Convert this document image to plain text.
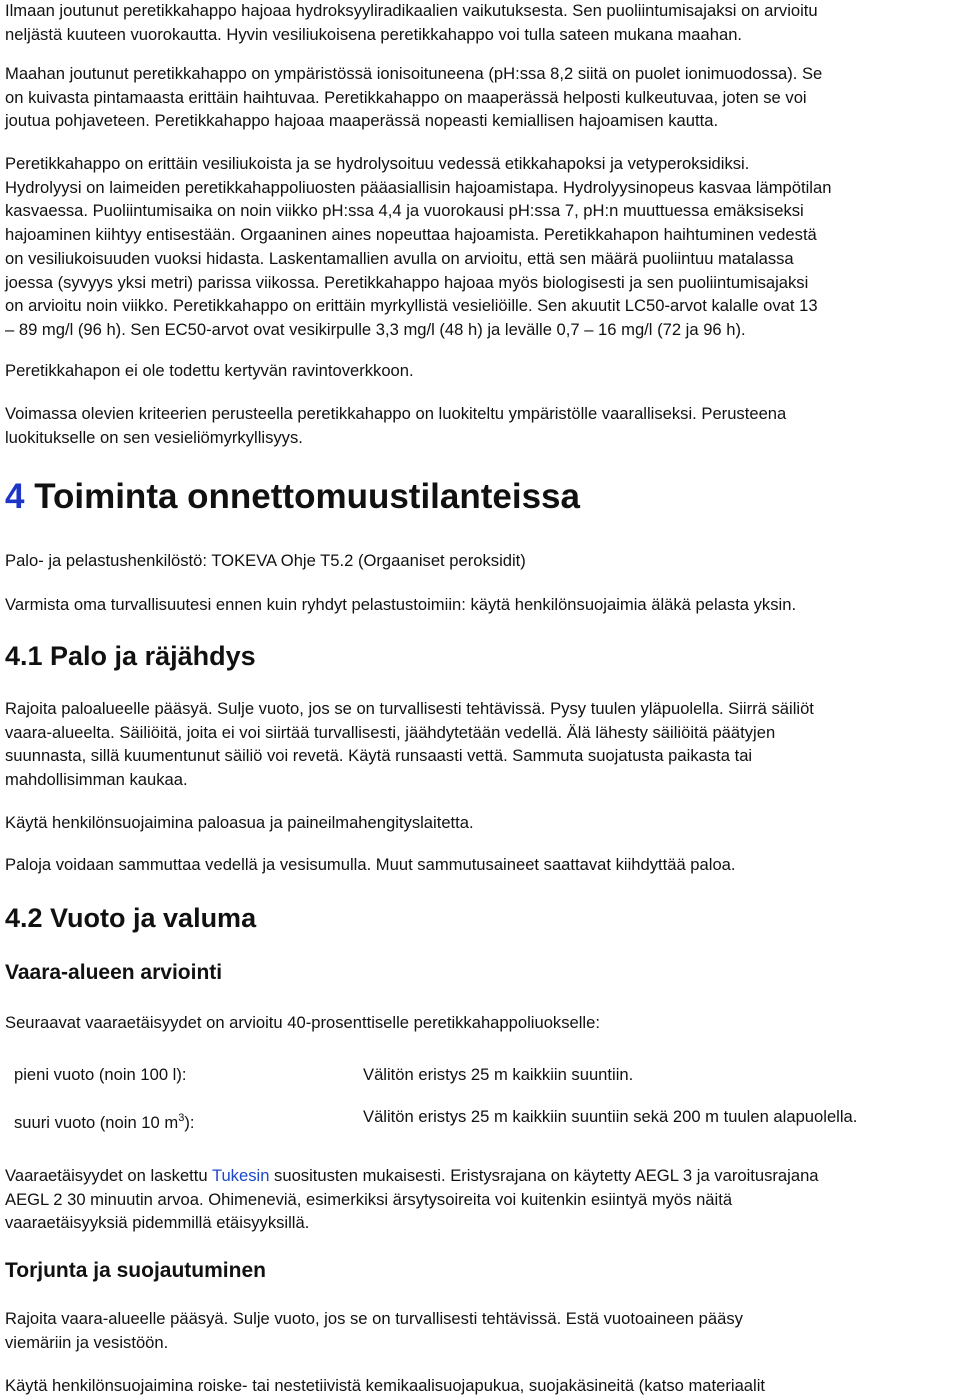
Ilmaan joutunut peretikkahappo hajoaa hydroksyyliradikaalien vaikutuksesta. Sen puoliintumisajaksi on arvioitu
neljästä kuuteen vuorokautta. Hyvin vesiliukoisena peretikkahappo voi tulla sateen mukana maahan.
Maahan joutunut peretikkahappo on ympäristössä ionisoituneena (pH:ssa 8,2 siitä on puolet ionimuodossa). Se
on kuivasta pintamaasta erittäin haihtuvaa. Peretikkahappo on maaperässä helposti kulkeutuvaa, joten se voi
joutua pohjaveteen. Peretikkahappo hajoaa maaperässä nopeasti kemiallisen hajoamisen kautta.
Peretikkahappo on erittäin vesiliukoista ja se hydrolysoituu vedessä etikkahapoksi ja vetyperoksidiksi.
Hydrolyysi on laimeiden peretikkahappoliuosten pääasiallisin hajoamistapa. Hydrolyysinopeus kasvaa lämpötilan
kasvaessa. Puoliintumisaika on noin viikko pH:ssa 4,4 ja vuorokausi pH:ssa 7, pH:n muuttuessa emäksiseksi
hajoaminen kiihtyy entisestään. Orgaaninen aines nopeuttaa hajoamista. Peretikkahapon haihtuminen vedestä
on vesiliukoisuuden vuoksi hidasta. Laskentamallien avulla on arvioitu, että sen määrä puoliintuu matalassa
joessa (syvyys yksi metri) parissa viikossa. Peretikkahappo hajoaa myös biologisesti ja sen puoliintumisajaksi
on arvioitu noin viikko. Peretikkahappo on erittäin myrkyllistä vesieliöille. Sen akuutit LC50-arvot kalalle ovat 13
– 89 mg/l (96 h). Sen EC50-arvot ovat vesikirpulle 3,3 mg/l (48 h) ja levälle 0,7 – 16 mg/l (72 ja 96 h).
Peretikkahapon ei ole todettu kertyvän ravintoverkkoon.
Voimassa olevien kriteerien perusteella peretikkahappo on luokiteltu ympäristölle vaaralliseksi. Perusteena
luokitukselle on sen vesieliömyrkyllisyys.
4 Toiminta onnettomuustilanteissa
Palo- ja pelastushenkilöstö: TOKEVA Ohje T5.2 (Orgaaniset peroksidit)
Varmista oma turvallisuutesi ennen kuin ryhdyt pelastustoimiin: käytä henkilönsuojaimia äläkä pelasta yksin.
4.1 Palo ja räjähdys
Rajoita paloalueelle pääsyä. Sulje vuoto, jos se on turvallisesti tehtävissä. Pysy tuulen yläpuolella. Siirrä säiliöt
vaara-alueelta. Säiliöitä, joita ei voi siirtää turvallisesti, jäähdytetään vedellä. Älä lähesty säiliöitä päätyjen
suunnasta, sillä kuumentunut säiliö voi revetä. Käytä runsaasti vettä. Sammuta suojatusta paikasta tai
mahdollisimman kaukaa.
Käytä henkilönsuojaimina paloasua ja paineilmahengityslaitetta.
Paloja voidaan sammuttaa vedellä ja vesisumulla. Muut sammutusaineet saattavat kiihdyttää paloa.
4.2 Vuoto ja valuma
Vaara-alueen arviointi
Seuraavat vaaraetäisyydet on arvioitu 40-prosenttiselle peretikkahappoliuokselle:
pieni vuoto (noin 100 l):	Välitön eristys 25 m kaikkiin suuntiin.
suuri vuoto (noin 10 $m^3$):	Välitön eristys 25 m kaikkiin suuntiin sekä 200 m tuulen alapuolella.
Vaaraetäisyydet on laskettu Tukesin suositusten mukaisesti. Eristysrajana on käytetty AEGL 3 ja varoitusrajana
AEGL 2 30 minuutin arvoa. Ohimeneviä, esimerkiksi ärsytysoireita voi kuitenkin esiintyä myös näitä
vaaraetäisyyksiä pidemmillä etäisyyksillä.
Torjunta ja suojautuminen
Rajoita vaara-alueelle pääsyä. Sulje vuoto, jos se on turvallisesti tehtävissä. Estä vuotoaineen pääsy
viemäriin ja vesistöön.
Käytä henkilönsuojaimina roiske- tai nestetiivistä kemikaalisuojapukua, suojakäsineitä (katso materiaalit
